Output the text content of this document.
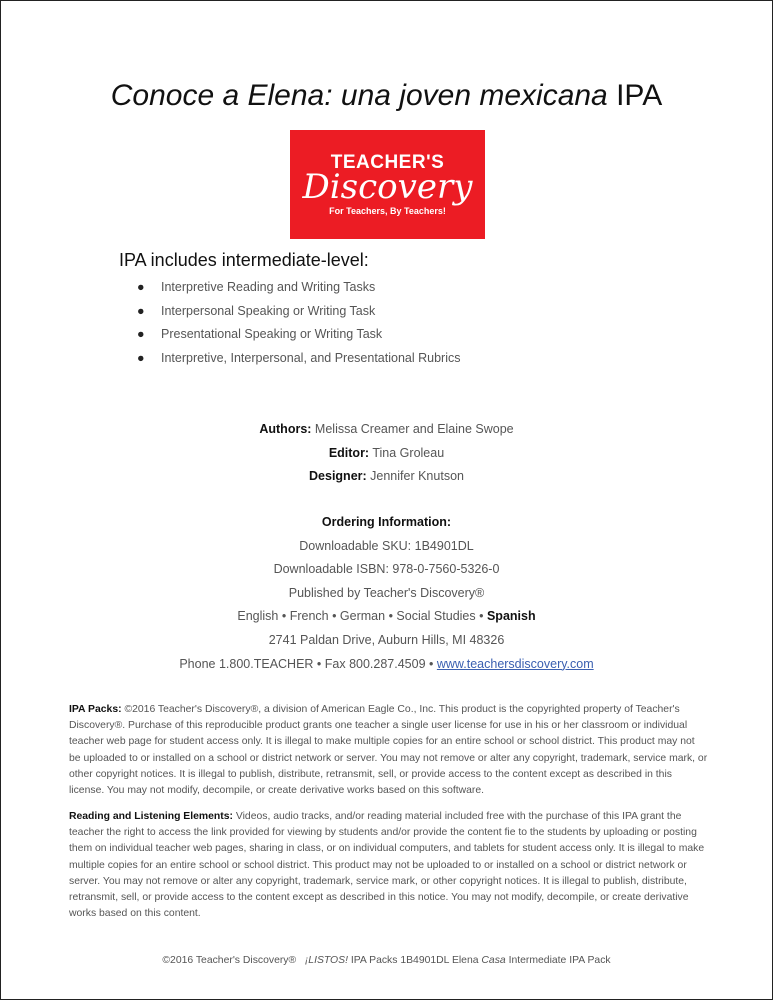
Conoce a Elena: una joven mexicana IPA
TEACHER'S
Discovery
For Teachers, By Teachers!
IPA includes intermediate-level:
● Interpretive Reading and Writing Tasks
● Interpersonal Speaking or Writing Task
● Presentational Speaking or Writing Task
● Interpretive, Interpersonal, and Presentational Rubrics
Authors: Melissa Creamer and Elaine Swope
Editor: Tina Groleau
Designer: Jennifer Knutson
Ordering Information:
Downloadable SKU: 1B4901DL
Downloadable ISBN: 978-0-7560-5326-0
Published by Teacher's Discovery®
English • French • German • Social Studies • Spanish
2741 Paldan Drive, Auburn Hills, MI 48326
Phone 1.800.TEACHER • Fax 800.287.4509 • www.teachersdiscovery.com
IPA Packs: ©2016 Teacher's Discovery®, a division of American Eagle Co., Inc. This product is the copyrighted property of Teacher's Discovery®. Purchase of this reproducible product grants one teacher a single user license for use in his or her classroom or individual teacher web page for student access only. It is illegal to make multiple copies for an entire school or school district. This product may not be uploaded to or installed on a school or district network or server. You may not remove or alter any copyright, trademark, service mark, or other copyright notices. It is illegal to publish, distribute, retransmit, sell, or provide access to the content except as described in this license. You may not modify, decompile, or create derivative works based on this software.
Reading and Listening Elements: Videos, audio tracks, and/or reading material included free with the purchase of this IPA grant the teacher the right to access the link provided for viewing by students and/or provide the content fie to the students by uploading or posting them on individual teacher web pages, sharing in class, or on individual computers, and tablets for student access only. It is illegal to make multiple copies for an entire school or school district. This product may not be uploaded to or installed on a school or district network or server. You may not remove or alter any copyright, trademark, service mark, or other copyright notices. It is illegal to publish, distribute, retransmit, sell, or provide access to the content except as described in this notice. You may not modify, decompile, or create derivative works based on this content.
©2016 Teacher's Discovery® ¡LISTOS! IPA Packs 1B4901DL Elena Casa Intermediate IPA Pack
